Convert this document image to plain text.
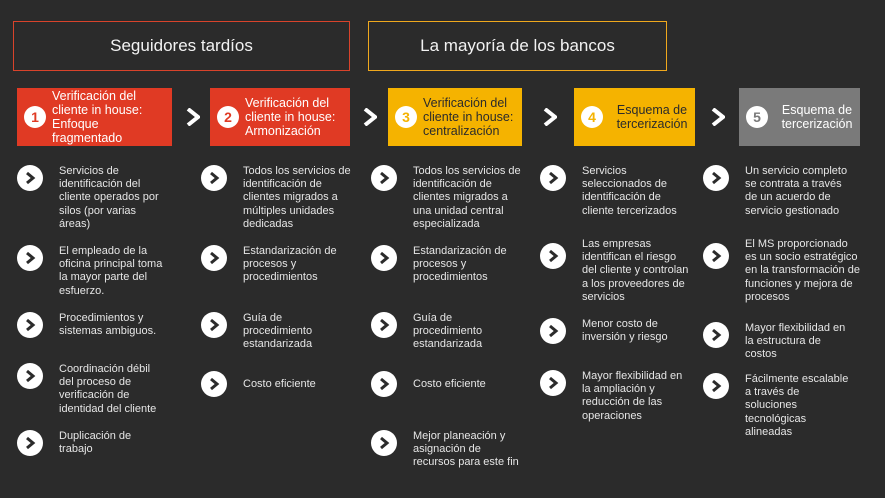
Seguidores tardíos	La mayoría de los bancos
1
Verificación del cliente in house: Enfoque fragmentado
2
Verificación del cliente in house: Armonización
3
Verificación del cliente in house: centralización
4	Esquema de tercerización	5	Esquema de tercerización
Servicios de
identificación del
cliente operados por
silos (por varias
áreas)
El empleado de la
oficina principal toma
la mayor parte del
esfuerzo.
Procedimientos y
sistemas ambiguos.
Coordinación débil
del proceso de
verificación de
identidad del cliente
Duplicación de
trabajo
Todos los servicios de
identificación de
clientes migrados a
múltiples unidades
dedicadas
Estandarización de
procesos y
procedimientos
Guía de
procedimiento
estandarizada
Costo eficiente
Todos los servicios de
identificación de
clientes migrados a
una unidad central
especializada
Estandarización de
procesos y
procedimientos
Guía de
procedimiento
estandarizada
Costo eficiente
Mejor planeación y
asignación de
recursos para este fin
Servicios
seleccionados de
identificación de
cliente tercerizados
Las empresas
identifican el riesgo
del cliente y controlan
a los proveedores de
servicios
Menor costo de
inversión y riesgo
Mayor flexibilidad en
la ampliación y
reducción de las
operaciones
Un servicio completo
se contrata a través
de un acuerdo de
servicio gestionado
El MS proporcionado
es un socio estratégico
en la transformación de
funciones y mejora de
procesos
Mayor flexibilidad en
la estructura de
costos
Fácilmente escalable
a través de
soluciones
tecnológicas
alineadas
